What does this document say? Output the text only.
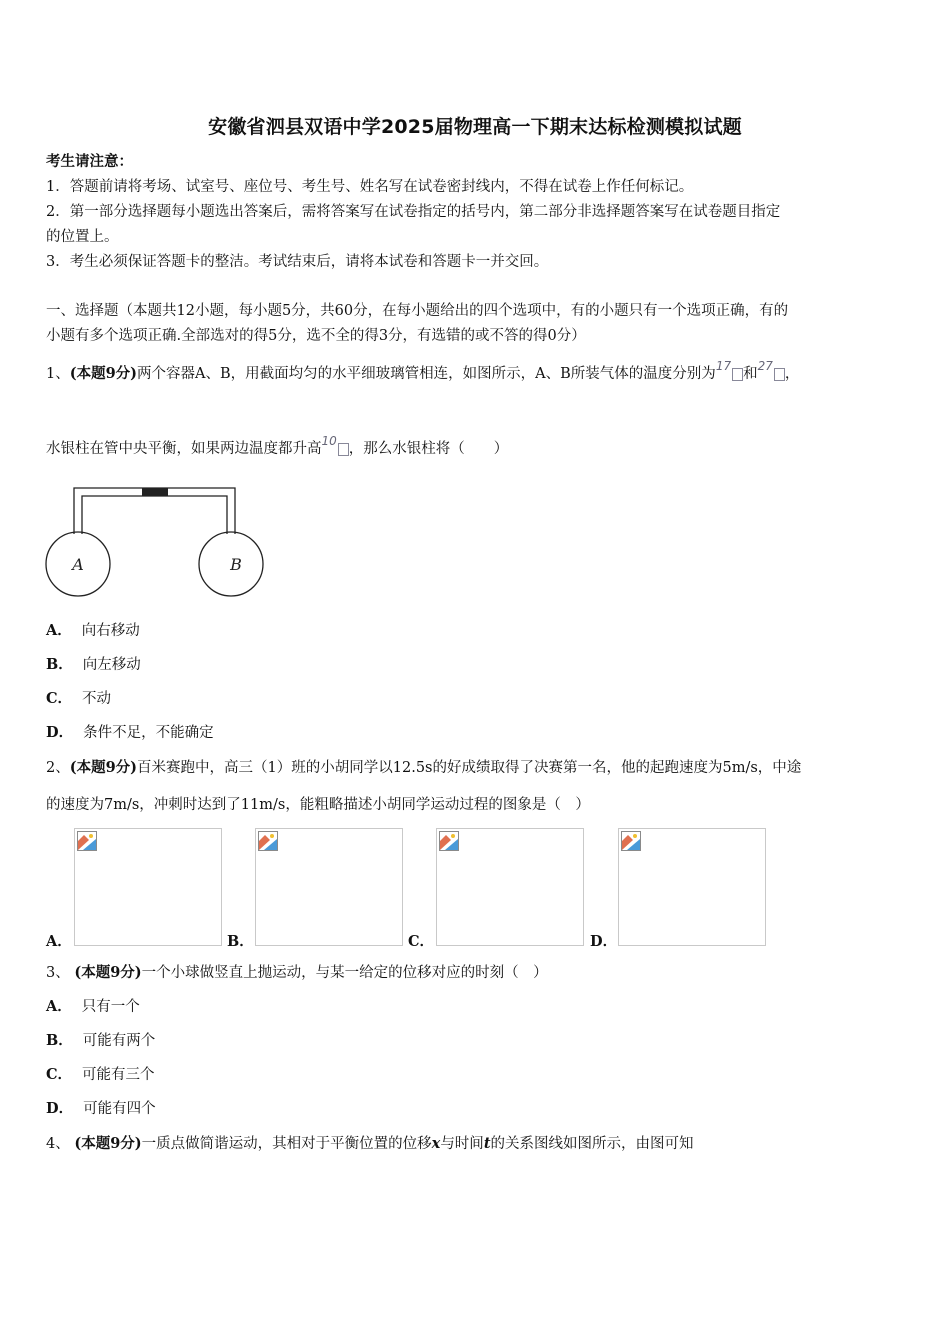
安徽省泗县双语中学2025届物理高一下期末达标检测模拟试题
考生请注意：
1．答题前请将考场、试室号、座位号、考生号、姓名写在试卷密封线内，不得在试卷上作任何标记。
2．第一部分选择题每小题选出答案后，需将答案写在试卷指定的括号内，第二部分非选择题答案写在试卷题目指定
的位置上。
3．考生必须保证答题卡的整洁。考试结束后，请将本试卷和答题卡一并交回。
一、选择题（本题共12小题，每小题5分，共60分，在每小题给出的四个选项中，有的小题只有一个选项正确，有的
小题有多个选项正确.全部选对的得5分，选不全的得3分，有选错的或不答的得0分）
1、(本题9分)两个容器A、B，用截面均匀的水平细玻璃管相连，如图所示，A、B所装气体的温度分别为$^{17}$ 和$^{27}$ ，
水银柱在管中央平衡，如果两边温度都升高$^{10}$ ，那么水银柱将（　　）
A	B
A． 向右移动
B． 向左移动
C． 不动
D． 条件不足，不能确定
2、(本题9分)百米赛跑中，高三（1）班的小胡同学以12.5s的好成绩取得了决赛第一名，他的起跑速度为5m/s，中途
的速度为7m/s，冲刺时达到了11m/s，能粗略描述小胡同学运动过程的图象是（　）
A．	B．	C．	D．
3、 (本题9分)一个小球做竖直上抛运动，与某一给定的位移对应的时刻（　）
A． 只有一个
B． 可能有两个
C． 可能有三个
D． 可能有四个
4、 (本题9分)一质点做简谐运动，其相对于平衡位置的位移x与时间t的关系图线如图所示，由图可知
